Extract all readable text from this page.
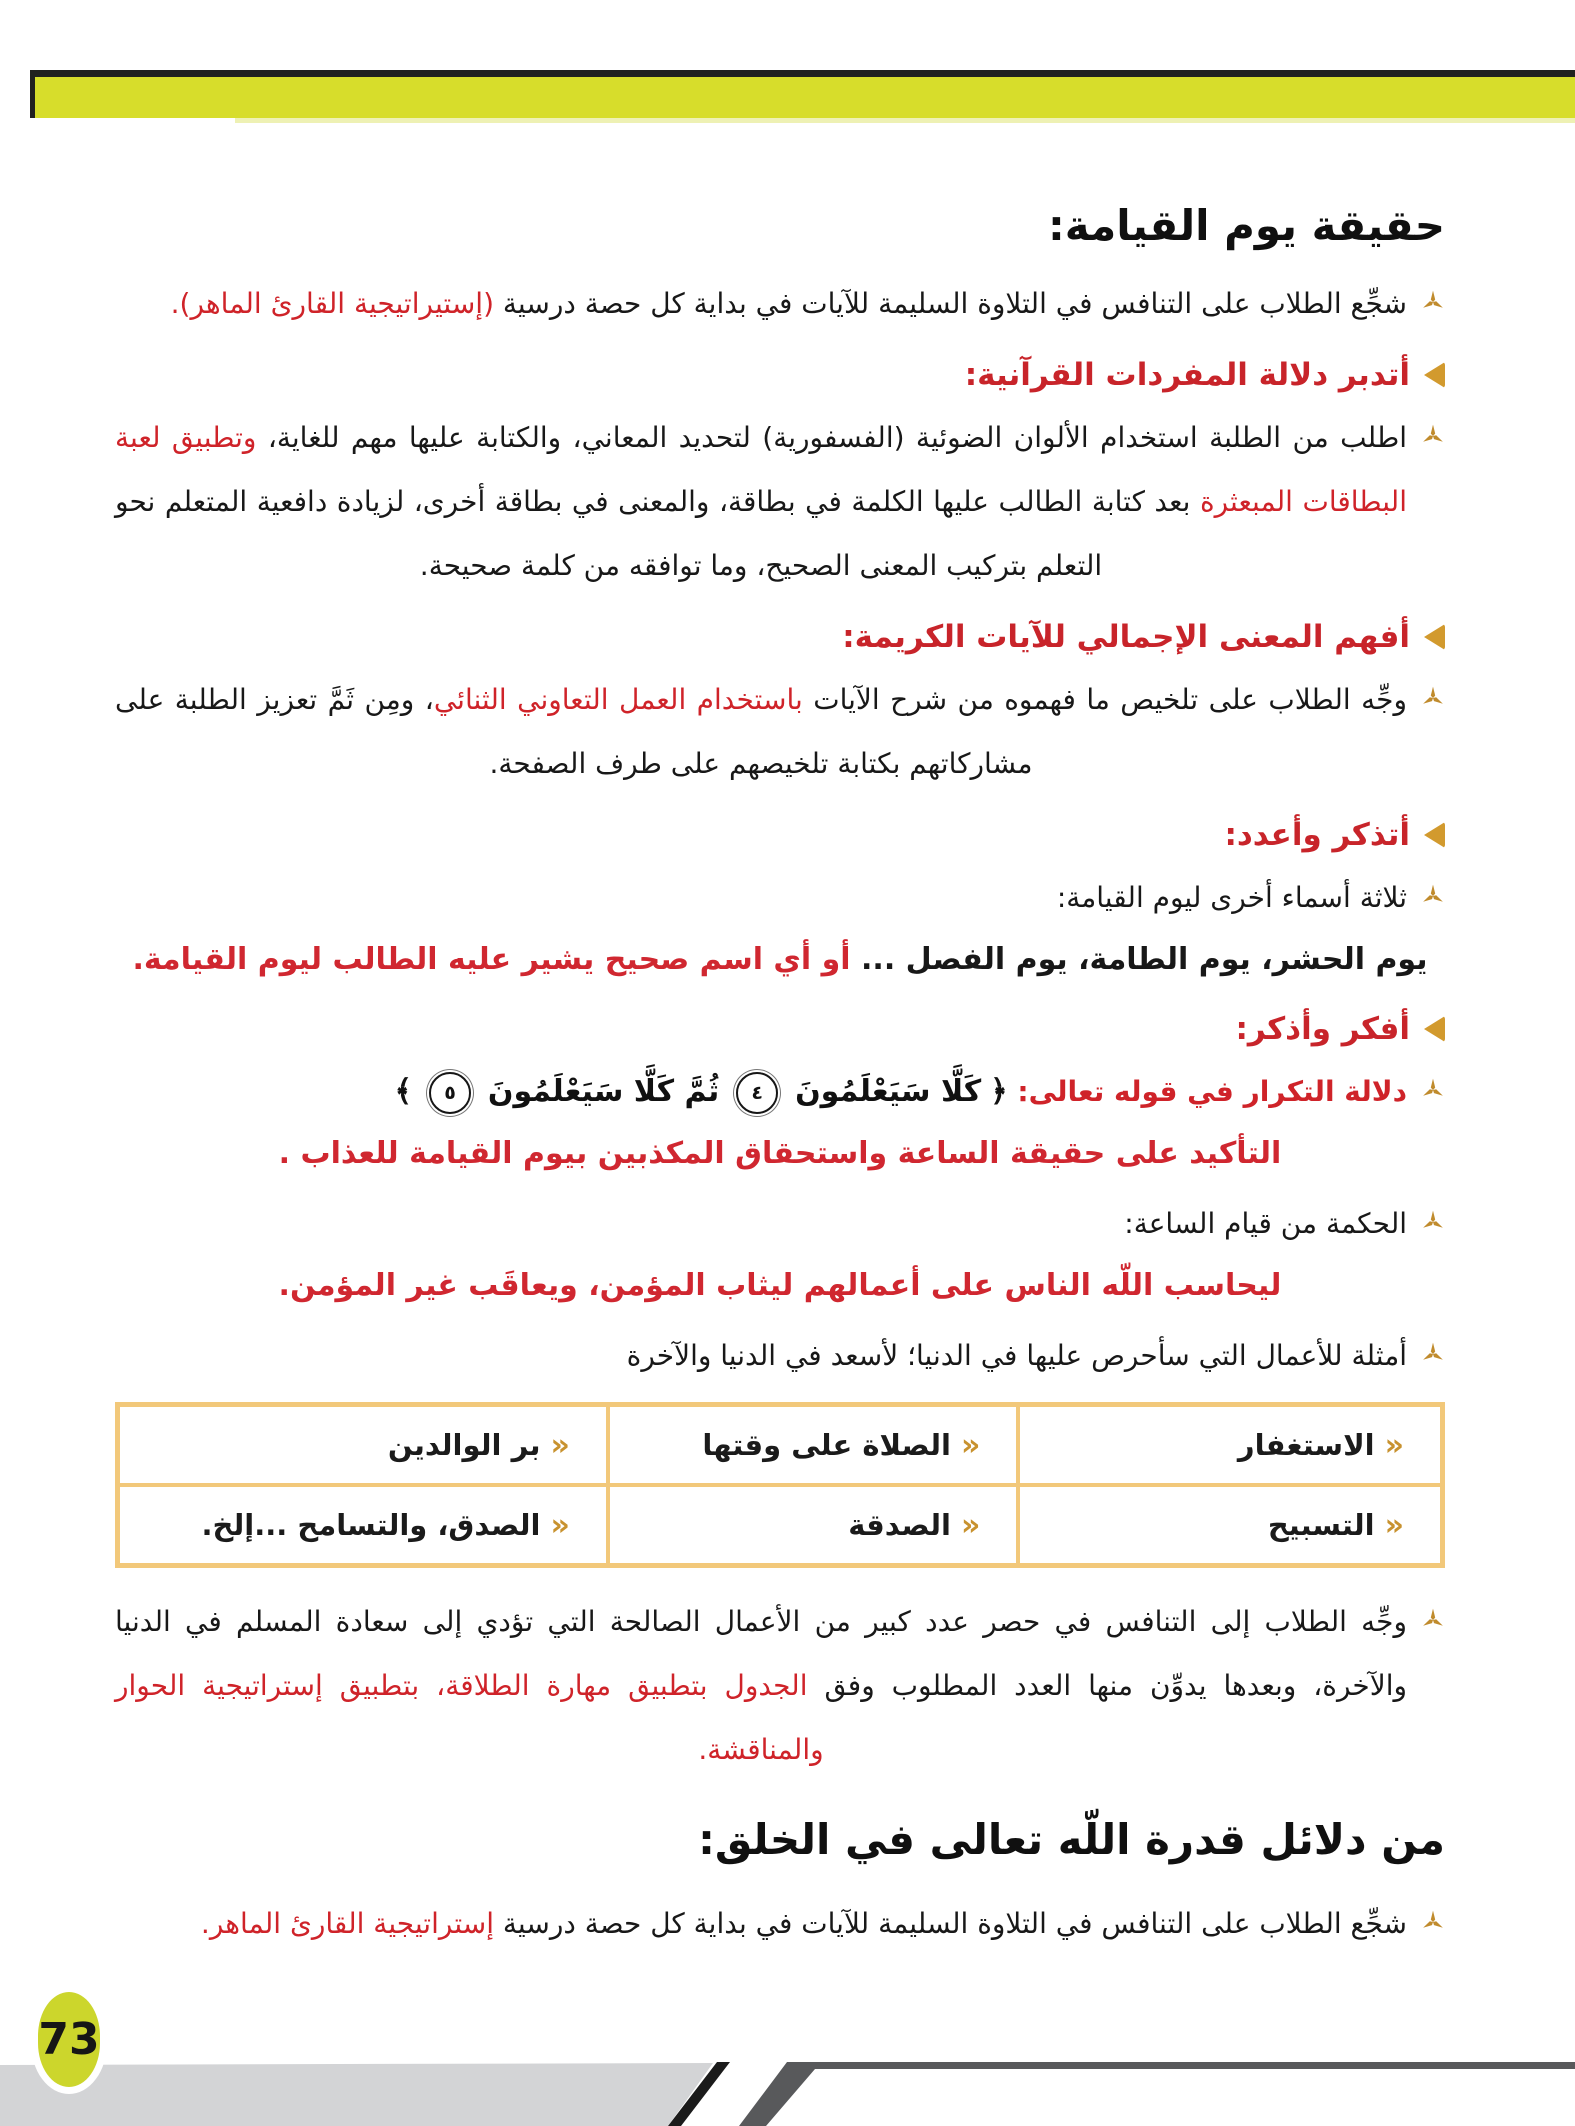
حقيقة يوم القيامة:
شجِّع الطلاب على التنافس في التلاوة السليمة للآيات في بداية كل حصة درسية (إستيراتيجية القارئ الماهر).
أتدبر دلالة المفردات القرآنية:
اطلب من الطلبة استخدام الألوان الضوئية (الفسفورية) لتحديد المعاني، والكتابة عليها مهم للغاية، وتطبيق لعبة البطاقات المبعثرة بعد كتابة الطالب عليها الكلمة في بطاقة، والمعنى في بطاقة أخرى، لزيادة دافعية المتعلم نحو التعلم بتركيب المعنى الصحيح، وما توافقه من كلمة صحيحة.
أفهم المعنى الإجمالي للآيات الكريمة:
وجِّه الطلاب على تلخيص ما فهموه من شرح الآيات باستخدام العمل التعاوني الثنائي، ومِن ثَمَّ تعزيز الطلبة على مشاركاتهم بكتابة تلخيصهم على طرف الصفحة.
أتذكر وأعدد:
ثلاثة أسماء أخرى ليوم القيامة:
يوم الحشر، يوم الطامة، يوم الفصل ... أو أي اسم صحيح يشير عليه الطالب ليوم القيامة.
أفكر وأذكر:
دلالة التكرار في قوله تعالى: ﴿ كَلَّا سَيَعْلَمُونَ ٤ ثُمَّ كَلَّا سَيَعْلَمُونَ ٥ ﴾
التأكيد على حقيقة الساعة واستحقاق المكذبين بيوم القيامة للعذاب .
الحكمة من قيام الساعة:
ليحاسب اللّه الناس على أعمالهم ليثاب المؤمن، ويعاقَب غير المؤمن.
أمثلة للأعمال التي سأحرص عليها في الدنيا؛ لأسعد في الدنيا والآخرة
«الاستغفار	«الصلاة على وقتها	«بر الوالدين
«التسبيح	«الصدقة	«الصدق، والتسامح ...إلخ.
وجِّه الطلاب إلى التنافس في حصر عدد كبير من الأعمال الصالحة التي تؤدي إلى سعادة المسلم في الدنيا والآخرة، وبعدها يدوِّن منها العدد المطلوب وفق الجدول بتطبيق مهارة الطلاقة، بتطبيق إستراتيجية الحوار والمناقشة.
من دلائل قدرة اللّه تعالى في الخلق:
شجِّع الطلاب على التنافس في التلاوة السليمة للآيات في بداية كل حصة درسية إستراتيجية القارئ الماهر.
73
